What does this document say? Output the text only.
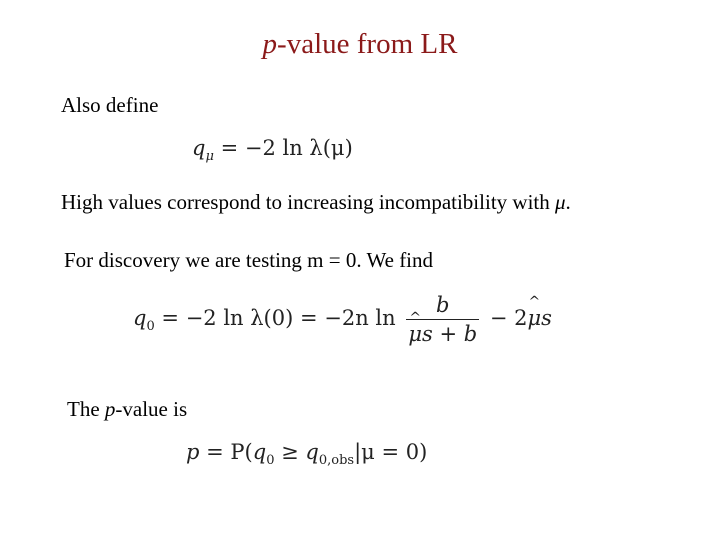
p-value from LR
Also define
$q_\mu = -2$ ln λ(μ)
High values correspond to increasing incompatibility with μ.
For discovery we are testing m = 0. We find
$q_0 = -2$ ln λ(0) = −2n ln b
^ μs + b − 2^ μs
The p-value is
$p = P(q_0 \ge q_{0,obs}|\mu = 0)$
